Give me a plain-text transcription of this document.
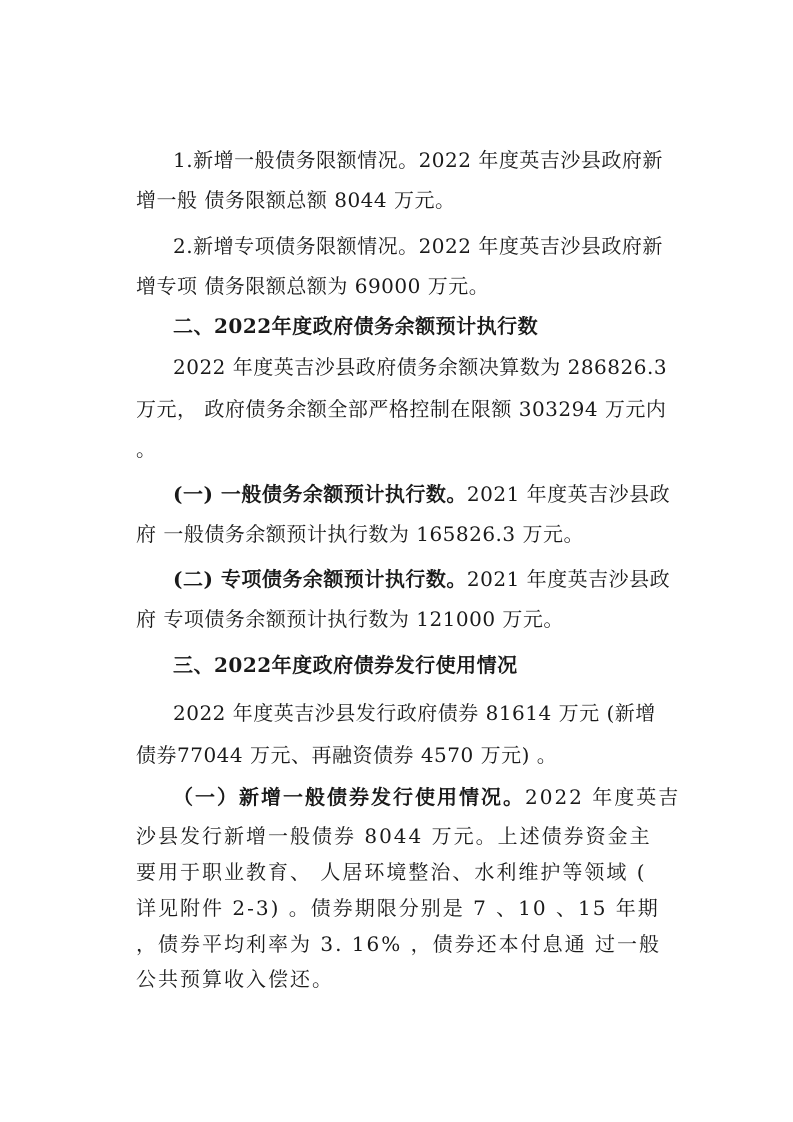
1.新增一般债务限额情况。2022 年度英吉沙县政府新
增一般 债务限额总额 8044 万元。
2.新增专项债务限额情况。2022 年度英吉沙县政府新
增专项 债务限额总额为 69000 万元。
二、2022年度政府债务余额预计执行数
2022 年度英吉沙县政府债务余额决算数为 286826.3
万元， 政府债务余额全部严格控制在限额 303294 万元内
。
(一) 一般债务余额预计执行数。2021 年度英吉沙县政
府 一般债务余额预计执行数为 165826.3 万元。
(二) 专项债务余额预计执行数。2021 年度英吉沙县政
府 专项债务余额预计执行数为 121000 万元。
三、2022年度政府债券发行使用情况
2022 年度英吉沙县发行政府债券 81614 万元 (新增
债券77044 万元、再融资债券 4570 万元) 。
（一）新增一般债券发行使用情况。2022 年度英吉
沙县发行新增一般债券 8044 万元。上述债券资金主
要用于职业教育、 人居环境整治、水利维护等领域 (
详见附件 2-3) 。债券期限分别是 7 、10 、15 年期
，债券平均利率为 3. 16% ，债券还本付息通 过一般
公共预算收入偿还。
